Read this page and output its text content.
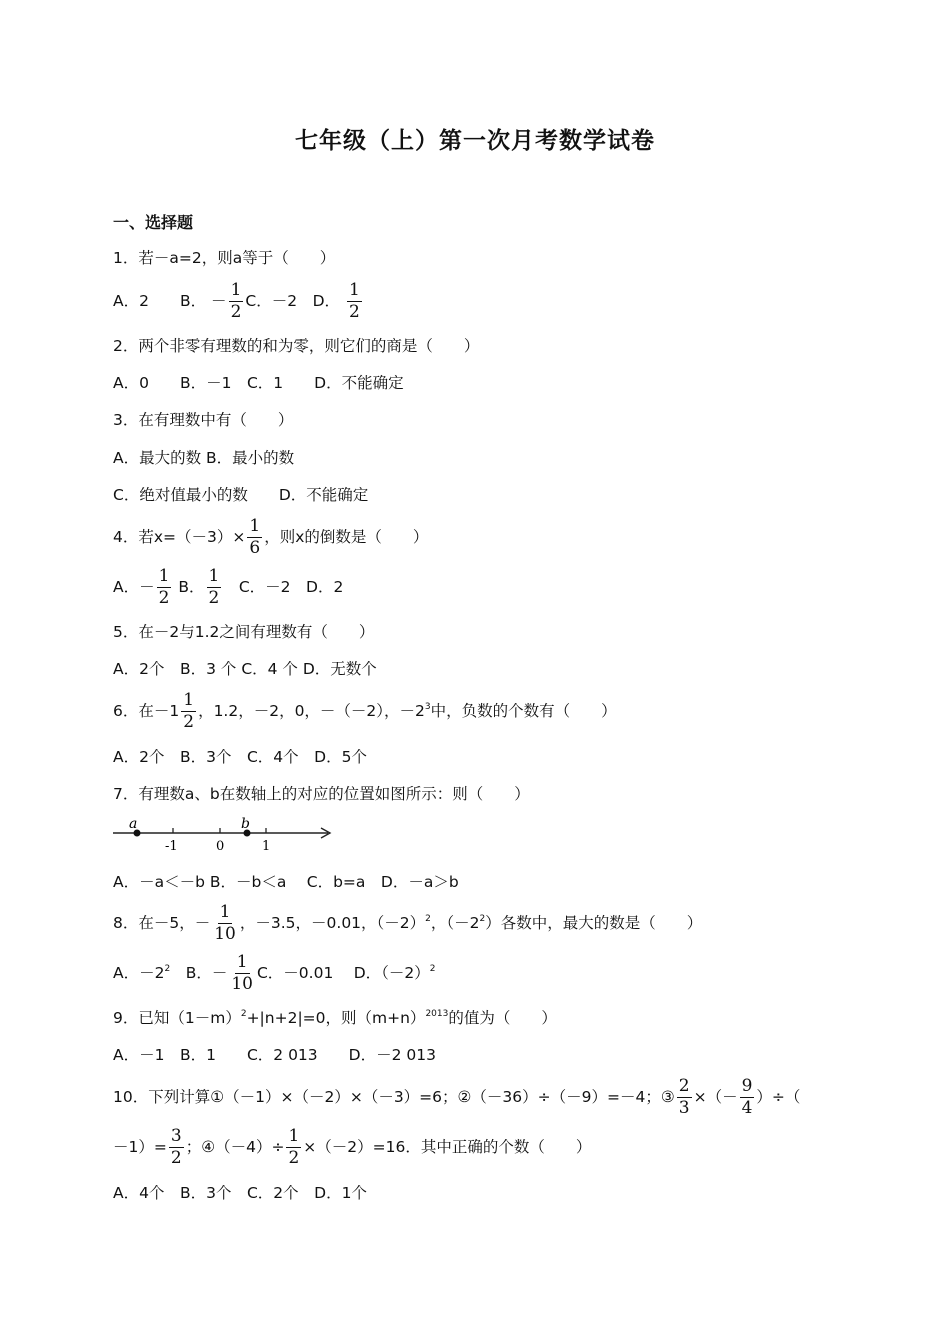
七年级（上）第一次月考数学试卷
一、选择题
1．若－a=2，则a等于（　　）
A．2　　B． － $\frac{1}{2}$ C．－2　D． $\frac{1}{2}$
2．两个非零有理数的和为零，则它们的商是（　　）
A．0　　B．－1　C．1　　D．不能确定
3．在有理数中有（　　）
A．最大的数 B．最小的数
C．绝对值最小的数　　D．不能确定
4．若$x=(-3)\times \frac{1}{6}$ ，则x的倒数是（　　）
A．－ $\frac{1}{2}$ B． $\frac{1}{2}$ 　C．－2　D．2
5．在－2与1.2之间有理数有（　　）
A．2个　B．3 个 C．4 个 D．无数个
6．在$-1 \frac{1}{2}$ ，1.2，－2，0，－（－2），$-2^3$中，负数的个数有（　　）
A．2个　B．3个　C．4个　D．5个
7．有理数a、b在数轴上的对应的位置如图所示：则（　　）
a	b
-1	0	1
A．－a＜－b B．－b＜a　 C．b=a　D．－a＞b
8．在－5，－ $\frac{1}{10}$ ，－3.5，－0.01，$(-2)^2$，$(-2^2)$各数中，最大的数是（　　）
A．$-2^2$　B．－ $\frac{1}{10}$ C．－0.01　 D．$(-2)^2$
9．已知$(1-m)^2+|n+2|=0$，则$(m+n)^{2013}$的值为（　　）
A．－1　B．1　　C．2 013　　D．－2 013
10．下列计算①（－1）×（－2）×（－3）=6；②（－36）÷（－9）=－4；③ $\frac{2}{3}$ ×（－ $\frac{9}{4}$ ）÷（
$-1)= \frac{3}{2}$ ；④（－4）÷ $\frac{1}{2} \times(-2)=16$．其中正确的个数（　　）
A．4个　B．3个　C．2个　D．1个
